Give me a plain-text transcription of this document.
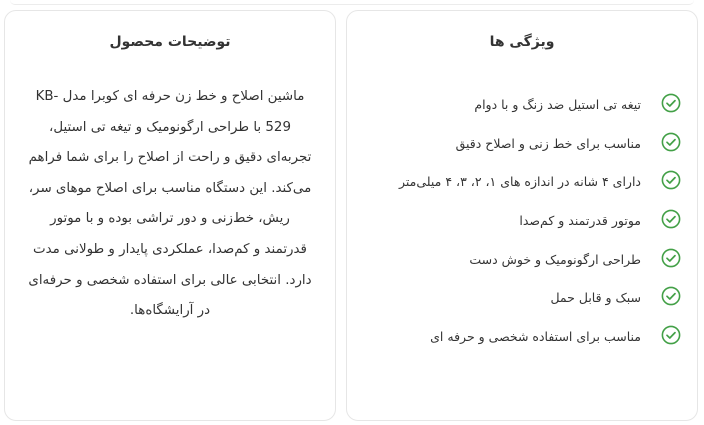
ویژگی ها
تیغه تی استیل ضد زنگ و با دوام
مناسب برای خط زنی و اصلاح دقیق
دارای ۴ شانه در اندازه های ۱، ۲، ۳، ۴ میلی‌متر
موتور قدرتمند و کم‌صدا
طراحی ارگونومیک و خوش دست
سبک و قابل حمل
مناسب برای استفاده شخصی و حرفه ای
توضیحات محصول
ماشین اصلاح و خط زن حرفه ای کوبرا مدل KB-529 با طراحی ارگونومیک و تیغه تی استیل، تجربه‌ای دقیق و راحت از اصلاح را برای شما فراهم می‌کند. این دستگاه مناسب برای اصلاح موهای سر، ریش، خط‌زنی و دور تراشی بوده و با موتور قدرتمند و کم‌صدا، عملکردی پایدار و طولانی مدت دارد. انتخابی عالی برای استفاده شخصی و حرفه‌ای در آرایشگاه‌ها.
